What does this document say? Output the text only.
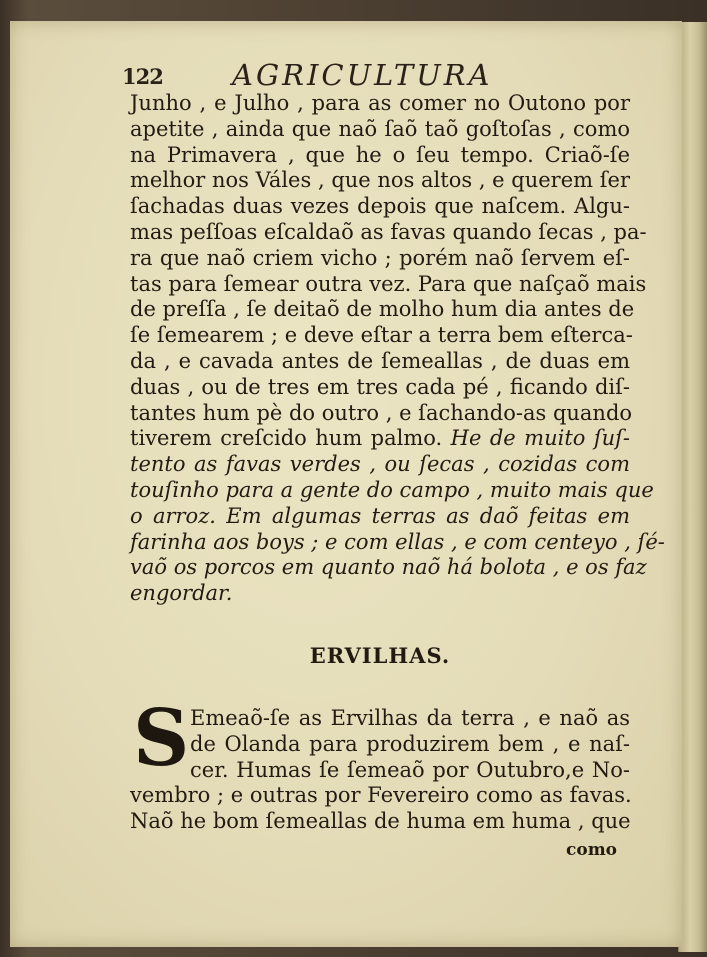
122 AGRICULTURA
Junho , e Julho , para as comer no Outono por
apetite , ainda que naõ ſaõ taõ goſtoſas , como
na Primavera , que he o ſeu tempo. Criaõ-ſe
melhor nos Váles , que nos altos , e querem ſer
ſachadas duas vezes depois que naſcem. Algu-
mas peſſoas eſcaldaõ as favas quando ſecas , pa-
ra que naõ criem vicho ; porém naõ ſervem eſ-
tas para ſemear outra vez. Para que naſçaõ mais
de preſſa , ſe deitaõ de molho hum dia antes de
ſe ſemearem ; e deve eſtar a terra bem eſterca-
da , e cavada antes de ſemeallas , de duas em
duas , ou de tres em tres cada pé , ficando diſ-
tantes hum pè do outro , e ſachando-as quando
tiverem creſcido hum palmo. He de muito ſuſ-
tento as favas verdes , ou ſecas , cozidas com
touſinho para a gente do campo , muito mais que
o arroz. Em algumas terras as daõ feitas em
farinha aos boys ; e com ellas , e com centeyo , ſé-
vaõ os porcos em quanto naõ há bolota , e os faz
engordar.
ERVILHAS.
S Emeaõ-ſe as Ervilhas da terra , e naõ as
de Olanda para produzirem bem , e naſ-
cer. Humas ſe ſemeaõ por Outubro,e No-
vembro ; e outras por Fevereiro como as favas.
Naõ he bom ſemeallas de huma em huma , que
como
